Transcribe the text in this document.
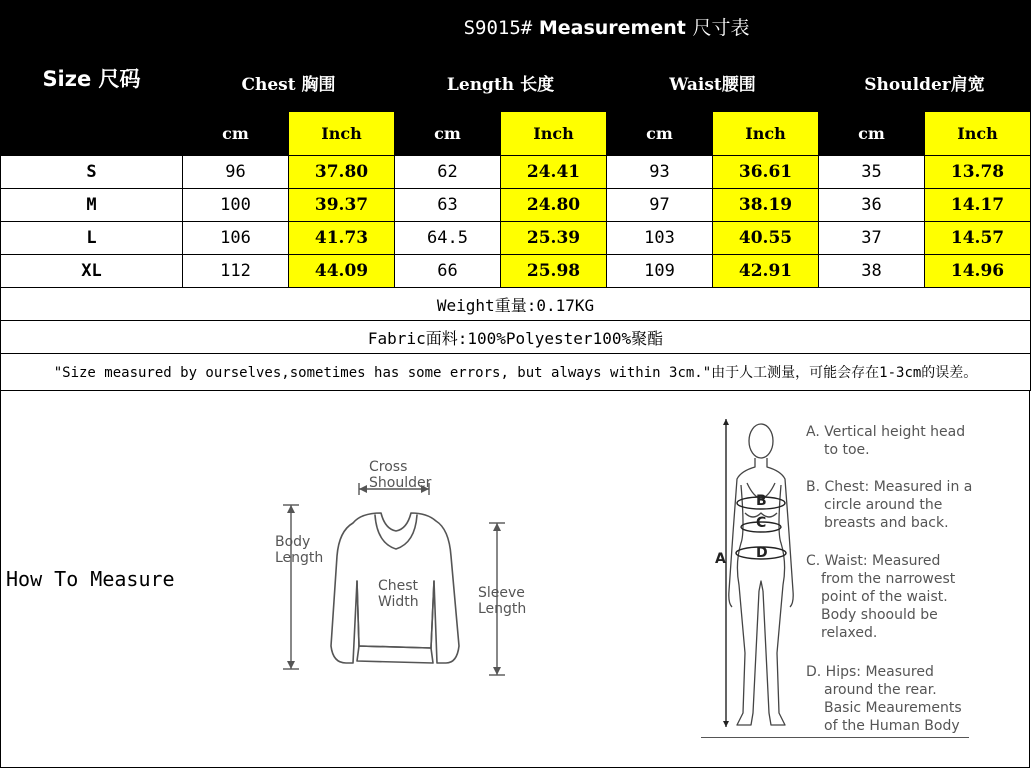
Size 尺码	S9015# Measurement 尺寸表							
	Chest 胸围		Length 长度		Waist腰围		Shoulder肩宽	
	cm	Inch	cm	Inch	cm	Inch	cm	Inch
S	96	37.80	62	24.41	93	36.61	35	13.78
M	100	39.37	63	24.80	97	38.19	36	14.17
L	106	41.73	64.5	25.39	103	40.55	37	14.57
XL	112	44.09	66	25.98	109	42.91	38	14.96
Weight重量:0.17KG								
Fabric面料:100%Polyester100%聚酯								
"Size measured by ourselves,sometimes has some errors, but always within 3cm."由于人工测量，可能会存在1-3cm的误差。								
How To Measure
Cross
Shoulder
Body
Length
Chest
Width
Sleeve
Length
A
B
C
D
A. Vertical height head
to toe.
B. Chest: Measured in a
circle around the
breasts and back.
C. Waist: Measured
from the narrowest
point of the waist.
Body shoould be
relaxed.
D. Hips: Measured
around the rear.
Basic Meaurements
of the Human Body
